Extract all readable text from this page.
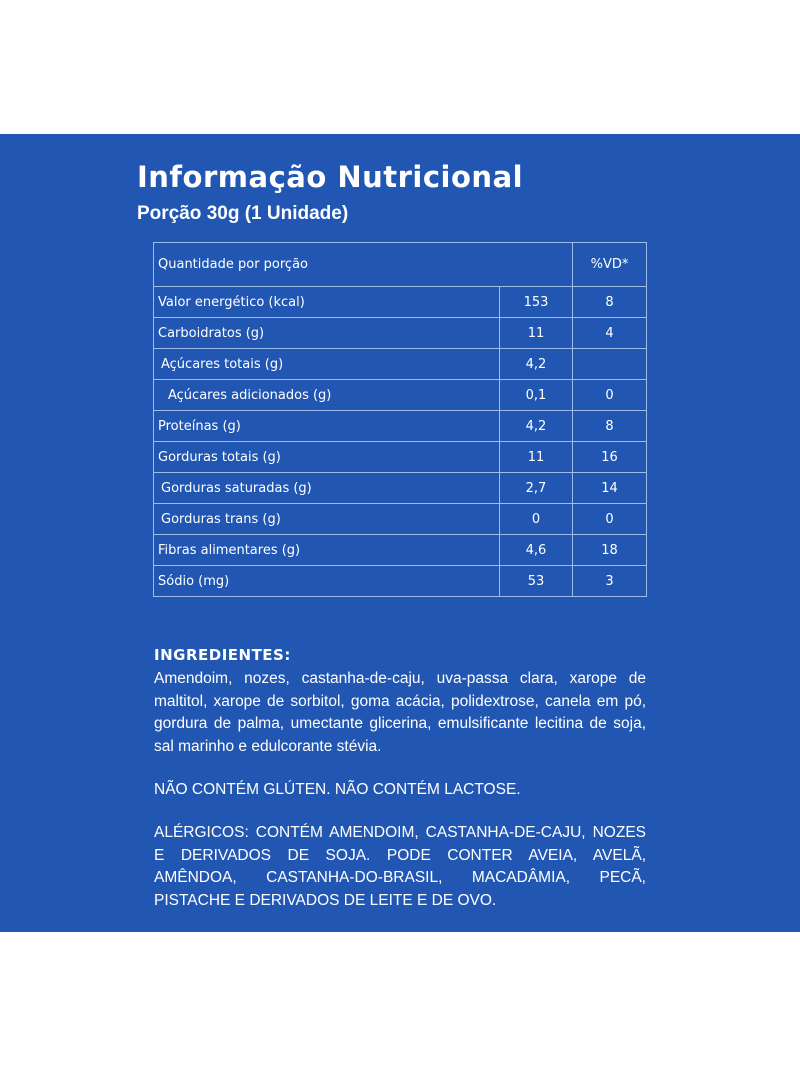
Informação Nutricional
Porção 30g (1 Unidade)
Quantidade por porção		%VD*
Valor energético (kcal)	153	8
Carboidratos (g)	11	4
Açúcares totais (g)	4,2	
Açúcares adicionados (g)	0,1	0
Proteínas (g)	4,2	8
Gorduras totais (g)	11	16
Gorduras saturadas (g)	2,7	14
Gorduras trans (g)	0	0
Fibras alimentares (g)	4,6	18
Sódio (mg)	53	3
INGREDIENTES:

Amendoim, nozes, castanha-de-caju, uva-passa clara, xarope de maltitol, xarope de sorbitol, goma acácia, polidextrose, canela em pó, gordura de palma, umectante glicerina, emulsificante lecitina de soja, sal marinho e edulcorante stévia.

NÃO CONTÉM GLÚTEN. NÃO CONTÉM LACTOSE.

ALÉRGICOS: CONTÉM AMENDOIM, CASTANHA-DE-CAJU, NOZES E DERIVADOS DE SOJA. PODE CONTER AVEIA, AVELÃ, AMÊNDOA, CASTANHA-DO-BRASIL, MACADÂMIA, PECÃ, PISTACHE E DERIVADOS DE LEITE E DE OVO.
